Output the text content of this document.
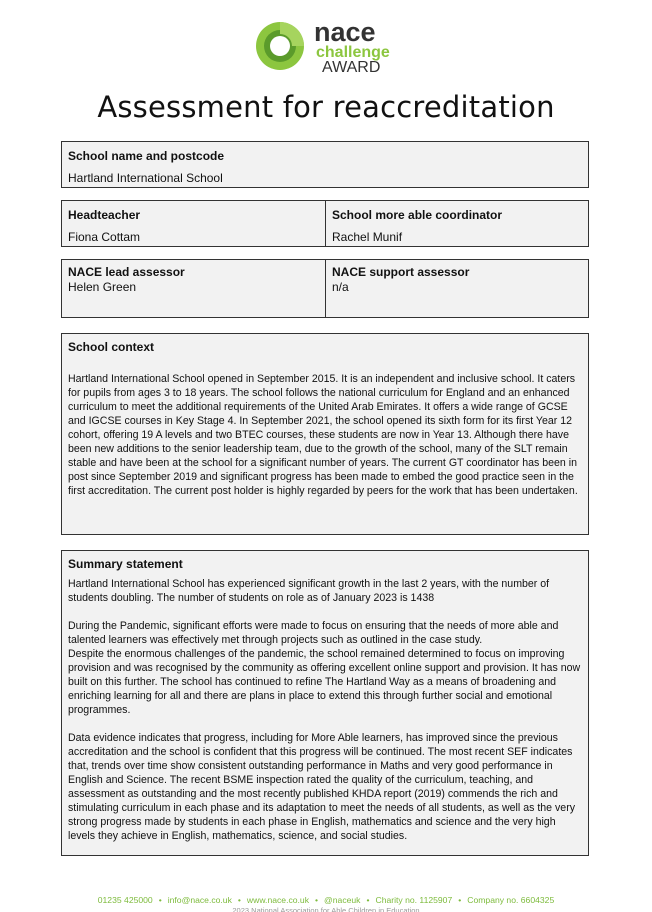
nace
challenge
AWARD
Assessment for reaccreditation
School name and postcode
Hartland International School
Headteacher
Fiona Cottam
School more able coordinator
Rachel Munif
NACE lead assessor
Helen Green
NACE support assessor
n/a
School context

Hartland International School opened in September 2015. It is an independent and inclusive school. It caters for pupils from ages 3 to 18 years. The school follows the national curriculum for England and an enhanced curriculum to meet the additional requirements of the United Arab Emirates. It offers a wide range of GCSE and IGCSE courses in Key Stage 4. In September 2021, the school opened its sixth form for its first Year 12 cohort, offering 19 A levels and two BTEC courses, these students are now in Year 13. Although there have been new additions to the senior leadership team, due to the growth of the school, many of the SLT remain stable and have been at the school for a significant number of years. The current GT coordinator has been in post since September 2019 and significant progress has been made to embed the good practice seen in the first accreditation. The current post holder is highly regarded by peers for the work that has been undertaken.

Summary statement

Hartland International School has experienced significant growth in the last 2 years, with the number of students doubling. The number of students on role as of January 2023 is 1438

During the Pandemic, significant efforts were made to focus on ensuring that the needs of more able and talented learners was effectively met through projects such as outlined in the case study.

Despite the enormous challenges of the pandemic, the school remained determined to focus on improving provision and was recognised by the community as offering excellent online support and provision. It has now built on this further. The school has continued to refine The Hartland Way as a means of broadening and enriching learning for all and there are plans in place to extend this through further social and emotional programmes.

Data evidence indicates that progress, including for More Able learners, has improved since the previous accreditation and the school is confident that this progress will be continued. The most recent SEF indicates that, trends over time show consistent outstanding performance in Maths and very good performance in English and Science. The recent BSME inspection rated the quality of the curriculum, teaching, and assessment as outstanding and the most recently published KHDA report (2019) commends the rich and stimulating curriculum in each phase and its adaptation to meet the needs of all students, as well as the very strong progress made by students in each phase in English, mathematics and science and the very high levels they achieve in English, mathematics, science, and social studies.

01235 425000 • info@nace.co.uk • www.nace.co.uk • @naceuk • Charity no. 1125907 • Company no. 6604325
2023 National Association for Able Children in Education
